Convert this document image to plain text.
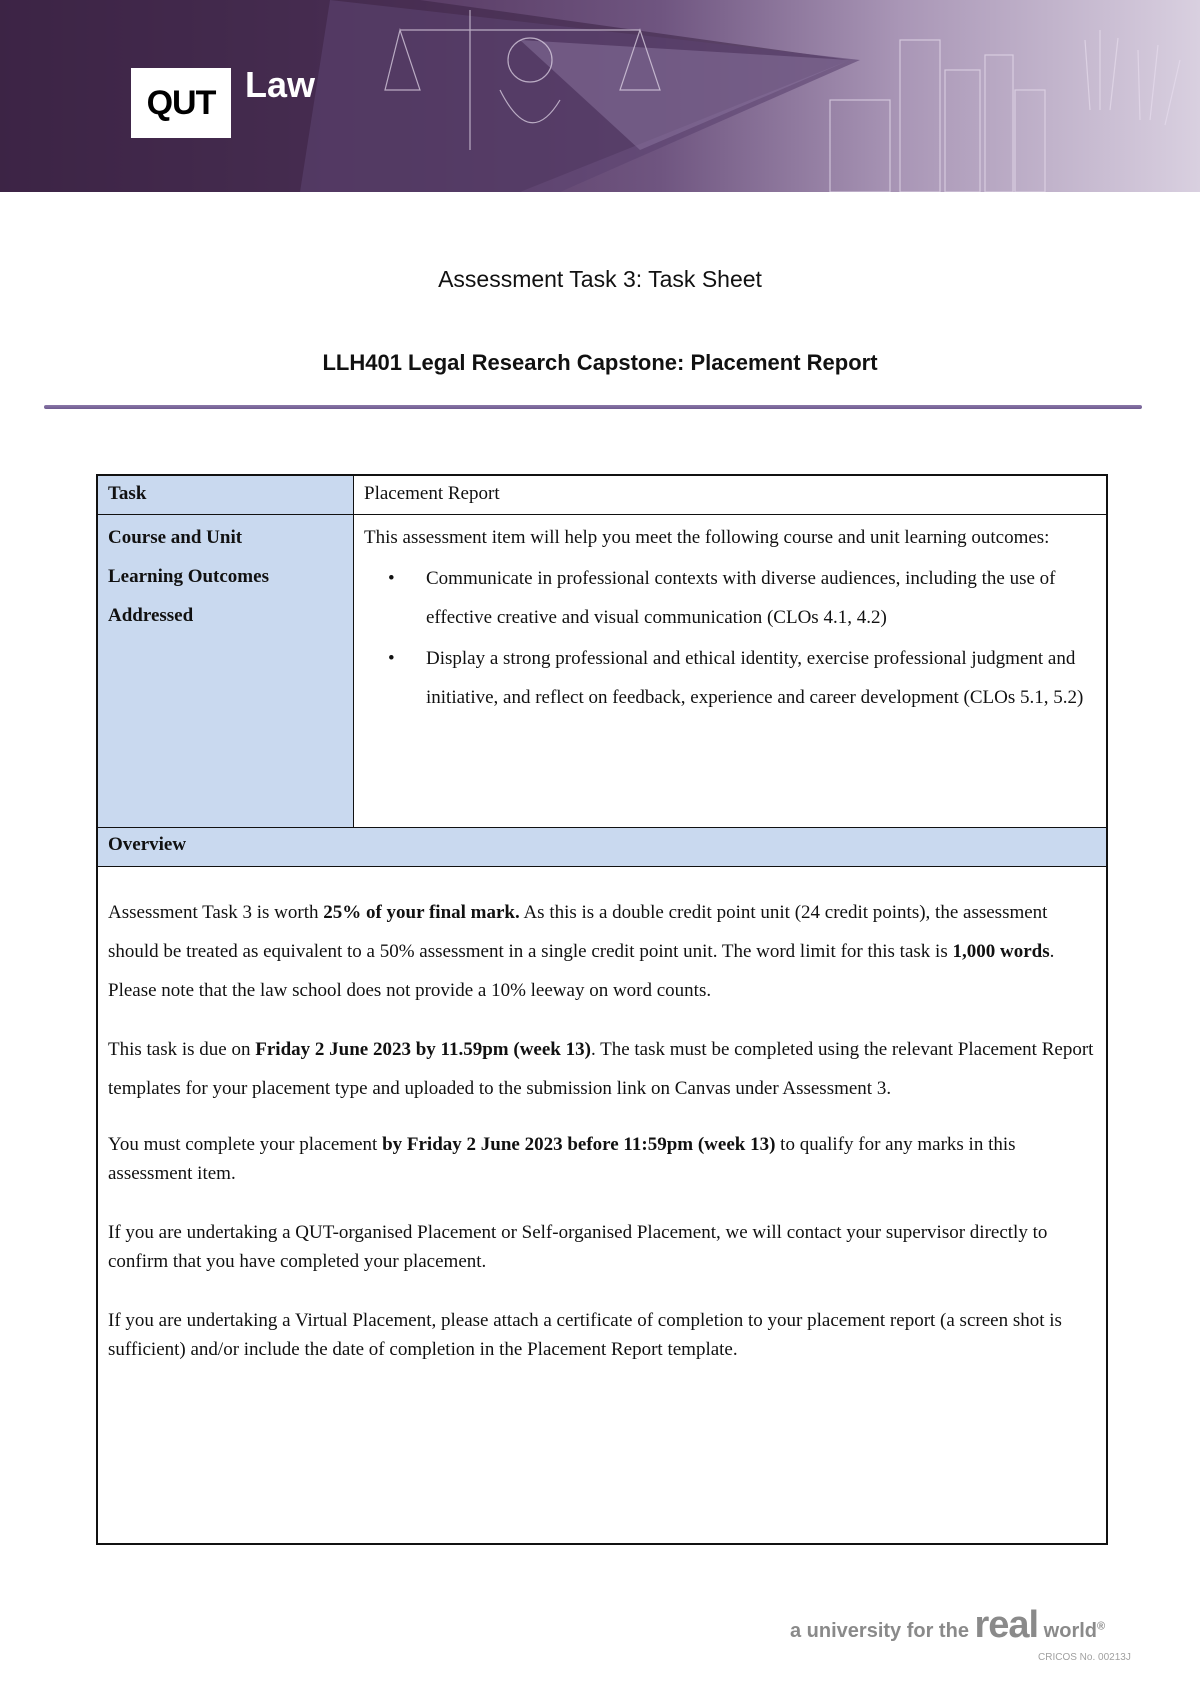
QUT Law
Assessment Task 3: Task Sheet
LLH401 Legal Research Capstone: Placement Report
Task	Placement Report
Course and Unit Learning Outcomes Addressed
This assessment item will help you meet the following course and unit learning outcomes:
• Communicate in professional contexts with diverse audiences, including the use of effective creative and visual communication (CLOs 4.1, 4.2)
• Display a strong professional and ethical identity, exercise professional judgment and initiative, and reflect on feedback, experience and career development (CLOs 5.1, 5.2)
Overview

Assessment Task 3 is worth 25% of your final mark. As this is a double credit point unit (24 credit points), the assessment should be treated as equivalent to a 50% assessment in a single credit point unit. The word limit for this task is 1,000 words. Please note that the law school does not provide a 10% leeway on word counts.

This task is due on Friday 2 June 2023 by 11.59pm (week 13). The task must be completed using the relevant Placement Report templates for your placement type and uploaded to the submission link on Canvas under Assessment 3.

You must complete your placement by Friday 2 June 2023 before 11:59pm (week 13) to qualify for any marks in this assessment item.

If you are undertaking a QUT-organised Placement or Self-organised Placement, we will contact your supervisor directly to confirm that you have completed your placement.

If you are undertaking a Virtual Placement, please attach a certificate of completion to your placement report (a screen shot is sufficient) and/or include the date of completion in the Placement Report template.

a university for the real world®
CRICOS No. 00213J
